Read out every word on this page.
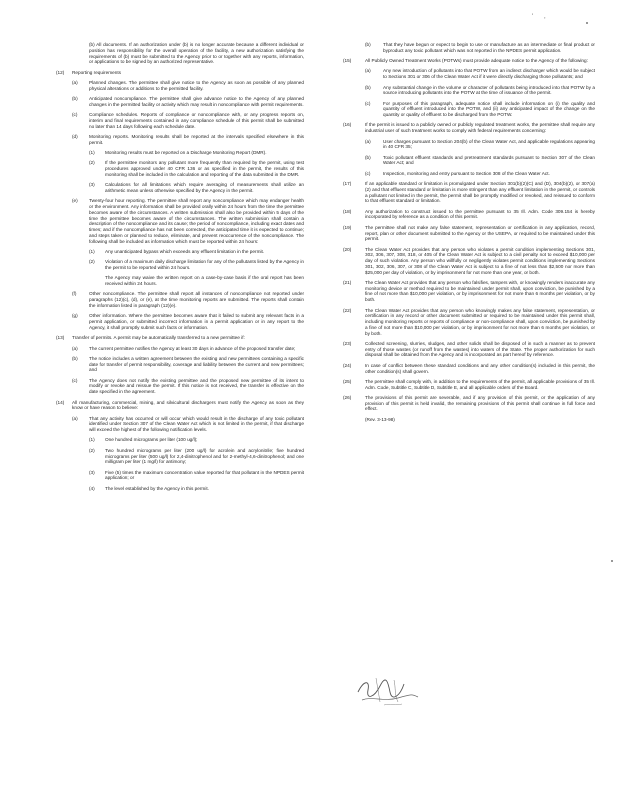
' ,
(b) All documents. If an authorization under (b) is no longer accurate because a different individual or position has responsibility for the overall operation of the facility, a new authorization satisfying the requirements of (b) must be submitted to the Agency prior to or together with any reports, information, or applications to be signed by an authorized representative.
(12) Reporting requirements
(a) Planned changes. The permittee shall give notice to the Agency as soon as possible of any planned physical alterations or additions to the permitted facility.
(b) Anticipated noncompliance. The permittee shall give advance notice to the Agency of any planned changes in the permitted facility or activity which may result in noncompliance with permit requirements.
(c) Compliance schedules. Reports of compliance or noncompliance with, or any progress reports on, interim and final requirements contained in any compliance schedule of this permit shall be submitted no later than 14 days following each schedule date.
(d) Monitoring reports. Monitoring results shall be reported at the intervals specified elsewhere in this permit.
(1) Monitoring results must be reported on a Discharge Monitoring Report (DMR).
(2) If the permittee monitors any pollutant more frequently than required by the permit, using test procedures approved under 40 CFR 136 or as specified in the permit, the results of this monitoring shall be included in the calculation and reporting of the data submitted in the DMR.
(3) Calculations for all limitations which require averaging of measurements shall utilize an arithmetic mean unless otherwise specified by the Agency in the permit.
(e) Twenty-four hour reporting. The permittee shall report any noncompliance which may endanger health or the environment. Any information shall be provided orally within 24 hours from the time the permittee becomes aware of the circumstances. A written submission shall also be provided within 5 days of the time the permittee becomes aware of the circumstances. The written submission shall contain a description of the noncompliance and its cause; the period of noncompliance, including exact dates and times; and if the noncompliance has not been corrected, the anticipated time it is expected to continue; and steps taken or planned to reduce, eliminate, and prevent reoccurrence of the noncompliance. The following shall be included as information which must be reported within 24 hours:
(1) Any unanticipated bypass which exceeds any effluent limitation in the permit.
(2) Violation of a maximum daily discharge limitation for any of the pollutants listed by the Agency in the permit to be reported within 24 hours.
The Agency may waive the written report on a case-by-case basis if the oral report has been received within 24 hours.
(f)	Other noncompliance. The permittee shall report all instances of noncompliance not reported under paragraphs (12)(c), (d), or (e), at the time monitoring reports are submitted. The reports shall contain the information listed in paragraph (12)(e).
(g) Other information. Where the permittee becomes aware that it failed to submit any relevant facts in a permit application, or submitted incorrect information in a permit application or in any report to the Agency, it shall promptly submit such facts or information.
(13) Transfer of permits. A permit may be automatically transferred to a new permittee if:
(a) The current permittee notifies the Agency at least 30 days in advance of the proposed transfer date;
(b) The notice includes a written agreement between the existing and new permittees containing a specific date for transfer of permit responsibility, coverage and liability between the current and new permittees; and
(c) The Agency does not notify the existing permittee and the proposed new permittee of its intent to modify or revoke and reissue the permit. If this notice is not received, the transfer is effective on the date specified in the agreement.
(14) All manufacturing, commercial, mining, and silvicultural dischargers must notify the Agency as soon as they know or have reason to believe:
(a) That any activity has occurred or will occur which would result in the discharge of any toxic pollutant identified under Section 307 of the Clean Water Act which is not limited in the permit, if that discharge will exceed the highest of the following notification levels.
(1) One hundred micrograms per liter (100 ug/l);
(2) Two hundred micrograms per liter (200 ug/l) for acrolein and acrylonitrile; five hundred micrograms per liter (500 ug/l) for 2,4-dinitrophenol and for 2-methyl-4,6-dinitrophenol; and one milligram per liter (1 mg/l) for antimony;
(3) Five (5) times the maximum concentration value reported for that pollutant in the NPDES permit application; or
(4) The level established by the Agency in this permit.
(b)	That they have begun or expect to begin to use or manufacture as an intermediate or final product or byproduct any toxic pollutant which was not reported in the NPDES permit application.
(15)	All Publicly Owned Treatment Works (POTWs) must provide adequate notice to the Agency of the following:
(a)	Any new introduction of pollutants into that POTW from an indirect discharger which would be subject to Sections 301 or 306 of the Clean Water Act if it were directly discharging those pollutants; and
(b)	Any substantial change in the volume or character of pollutants being introduced into that POTW by a source introducing pollutants into the POTW at the time of issuance of the permit.
(c)	For purposes of this paragraph, adequate notice shall include information on (i) the quality and quantity of effluent introduced into the POTW, and (ii) any anticipated impact of the change on the quantity or quality of effluent to be discharged from the POTW.
(16)	If the permit is issued to a publicly owned or publicly regulated treatment works, the permittee shall require any industrial user of such treatment works to comply with federal requirements concerning:
(a)	User charges pursuant to Section 204(b) of the Clean Water Act, and applicable regulations appearing in 40 CFR 35;
(b)	Toxic pollutant effluent standards and pretreatment standards pursuant to Section 307 of the Clean Water Act; and
(c)	Inspection, monitoring and entry pursuant to Section 308 of the Clean Water Act.
(17)	If an applicable standard or limitation is promulgated under Section 301(b)(2)(C) and (D), 304(b)(2), or 307(a)(2) and that effluent standard or limitation is more stringent than any effluent limitation in the permit, or controls a pollutant not limited in the permit, the permit shall be promptly modified or revoked, and reissued to conform to that effluent standard or limitation.
(18)	Any authorization to construct issued to the permittee pursuant to 35 Ill. Adm. Code 309.154 is hereby incorporated by reference as a condition of this permit.
(19)	The permittee shall not make any false statement, representation or certification in any application, record, report, plan or other document submitted to the Agency or the USEPA, or required to be maintained under this permit.
(20)	The Clean Water Act provides that any person who violates a permit condition implementing Sections 301, 302, 306, 307, 308, 318, or 405 of the Clean Water Act is subject to a civil penalty not to exceed $10,000 per day of such violation. Any person who willfully or negligently violates permit conditions implementing Sections 301, 302, 306, 307, or 308 of the Clean Water Act is subject to a fine of not less than $2,500 nor more than $25,000 per day of violation, or by imprisonment for not more than one year, or both.
(21)	The Clean Water Act provides that any person who falsifies, tampers with, or knowingly renders inaccurate any monitoring device or method required to be maintained under permit shall, upon conviction, be punished by a fine of not more than $10,000 per violation, or by imprisonment for not more than 6 months per violation, or by both.
(22)	The Clean Water Act provides that any person who knowingly makes any false statement, representation, or certification in any record or other document submitted or required to be maintained under this permit shall, including monitoring reports or reports of compliance or non-compliance shall, upon conviction, be punished by a fine of not more than $10,000 per violation, or by imprisonment for not more than 6 months per violation, or by both.
(23)	Collected screening, slurries, sludges, and other solids shall be disposed of in such a manner as to prevent entry of those wastes (or runoff from the wastes) into waters of the State. The proper authorization for such disposal shall be obtained from the Agency and is incorporated as part hereof by reference.
(24)	In case of conflict between these standard conditions and any other condition(s) included in this permit, the other condition(s) shall govern.
(25)	The permittee shall comply with, in addition to the requirements of the permit, all applicable provisions of 35 Ill. Adm. Code, Subtitle C, Subtitle D, Subtitle E, and all applicable orders of the Board.
(26)	The provisions of this permit are severable, and if any provision of this permit, or the application of any provision of this permit is held invalid, the remaining provisions of this permit shall continue in full force and effect.
(Rev. 3-13-98)
